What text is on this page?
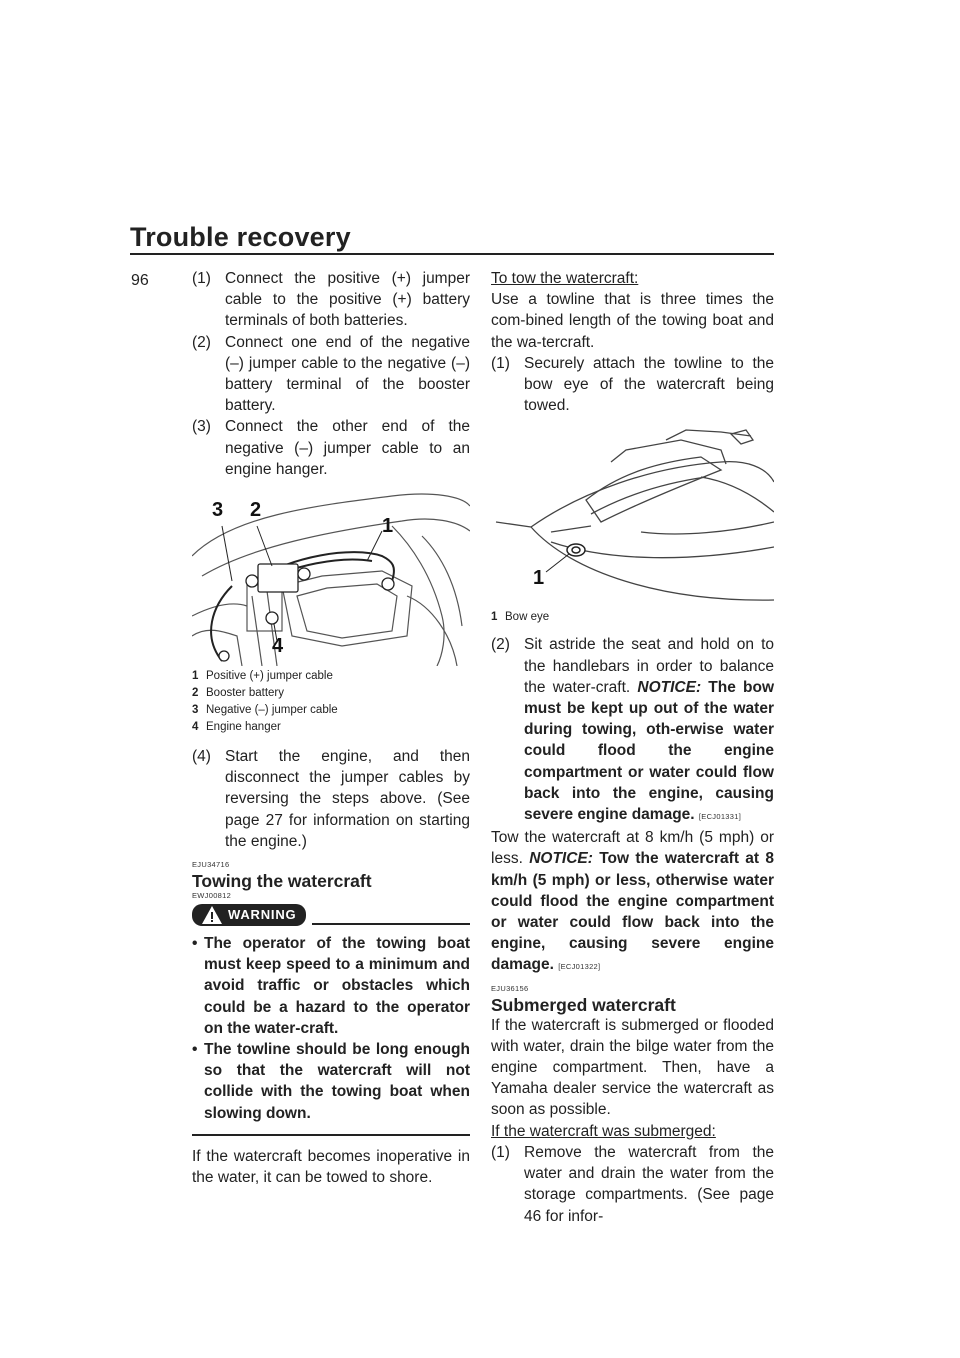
Trouble recovery
96	(1) Connect the positive (+) jumper cable to the positive (+) battery terminals of both batteries.
(2) Connect one end of the negative (–) jumper cable to the negative (–) battery terminal of the booster battery.
(3) Connect the other end of the negative (–) jumper cable to an engine hanger.
3 2
1
4
1 Positive (+) jumper cable
2 Booster battery
3 Negative (–) jumper cable
4 Engine hanger
(4) Start the engine, and then disconnect the jumper cables by reversing the steps above. (See page 27 for information on starting the engine.)
EJU34716
Towing the watercraft
EWJ00812
WARNING
• The operator of the towing boat must keep speed to a minimum and avoid traffic or obstacles which could be a hazard to the operator on the water-craft.
• The towline should be long enough so that the watercraft will not collide with the towing boat when slowing down.

If the watercraft becomes inoperative in the water, it can be towed to shore.

To tow the watercraft:

Use a towline that is three times the com-bined length of the towing boat and the wa-tercraft.

(1) Securely attach the towline to the bow eye of the watercraft being towed.
1
1 Bow eye
(2) Sit astride the seat and hold on to the handlebars in order to balance the water-craft. NOTICE: The bow must be kept up out of the water during towing, oth-erwise water could flood the engine compartment or water could flow back into the engine, causing severe engine damage. [ECJ01331]

Tow the watercraft at 8 km/h (5 mph) or less. NOTICE: Tow the watercraft at 8 km/h (5 mph) or less, otherwise water could flood the engine compartment or water could flow back into the engine, causing severe engine damage. [ECJ01322]

EJU36156
Submerged watercraft

If the watercraft is submerged or flooded with water, drain the bilge water from the engine compartment. Then, have a Yamaha dealer service the watercraft as soon as possible.

If the watercraft was submerged:
(1) Remove the watercraft from the water and drain the water from the storage compartments. (See page 46 for infor-
